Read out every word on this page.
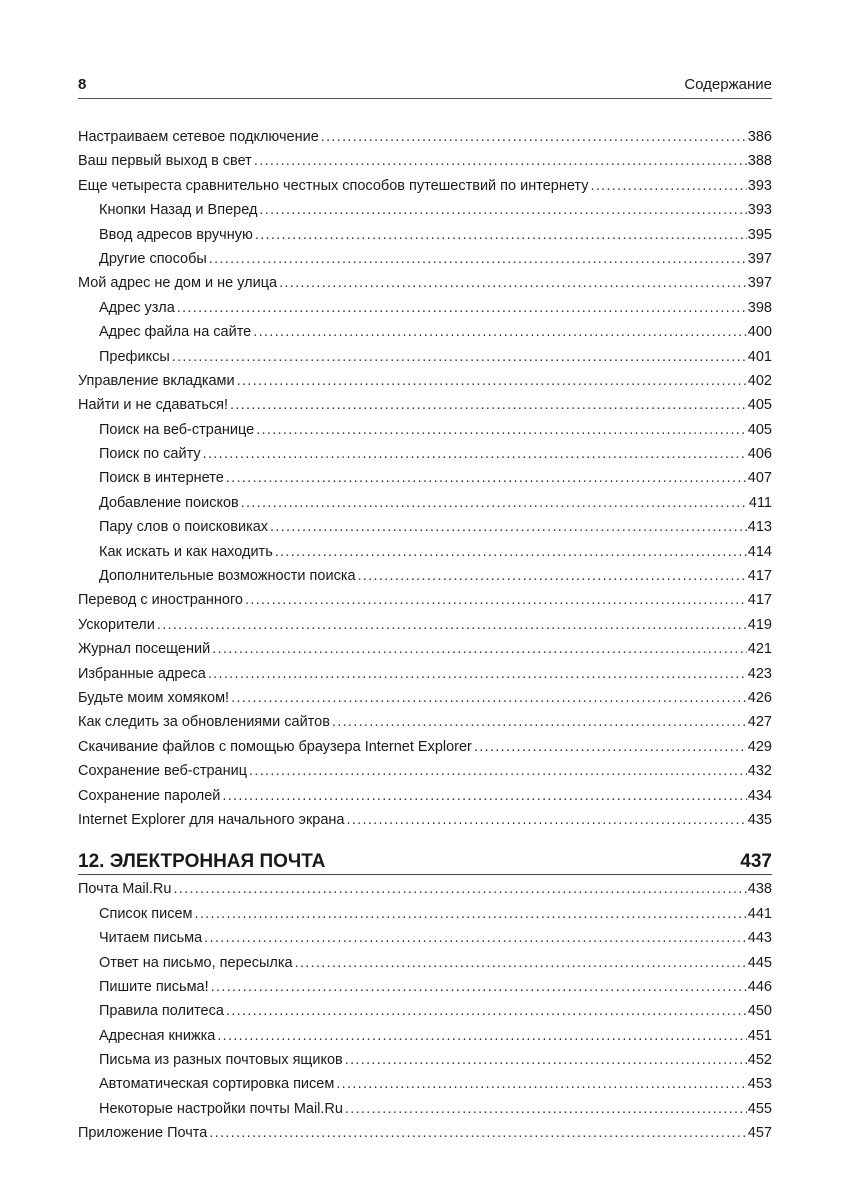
8	Содержание
Настраиваем сетевое подключение .....	386
Ваш первый выход в свет .....	388
Еще четыреста сравнительно честных способов путешествий по интернету .....	393
Кнопки Назад и Вперед .....	393
Ввод адресов вручную .....	395
Другие способы .....	397
Мой адрес не дом и не улица .....	397
Адрес узла .....	398
Адрес файла на сайте .....	400
Префиксы .....	401
Управление вкладками .....	402
Найти и не сдаваться! .....	405
Поиск на веб-странице .....	405
Поиск по сайту .....	406
Поиск в интернете .....	407
Добавление поисков .....	411
Пару слов о поисковиках .....	413
Как искать и как находить .....	414
Дополнительные возможности поиска .....	417
Перевод с иностранного .....	417
Ускорители .....	419
Журнал посещений .....	421
Избранные адреса .....	423
Будьте моим хомяком! .....	426
Как следить за обновлениями сайтов .....	427
Скачивание файлов с помощью браузера Internet Explorer .....	429
Сохранение веб-страниц .....	432
Сохранение паролей .....	434
Internet Explorer для начального экрана .....	435
12. ЭЛЕКТРОННАЯ ПОЧТА	437
Почта Mail.Ru .....	438
Список писем .....	441
Читаем письма .....	443
Ответ на письмо, пересылка .....	445
Пишите письма! .....	446
Правила политеса .....	450
Адресная книжка .....	451
Письма из разных почтовых ящиков .....	452
Автоматическая сортировка писем .....	453
Некоторые настройки почты Mail.Ru .....	455
Приложение Почта .....	457
